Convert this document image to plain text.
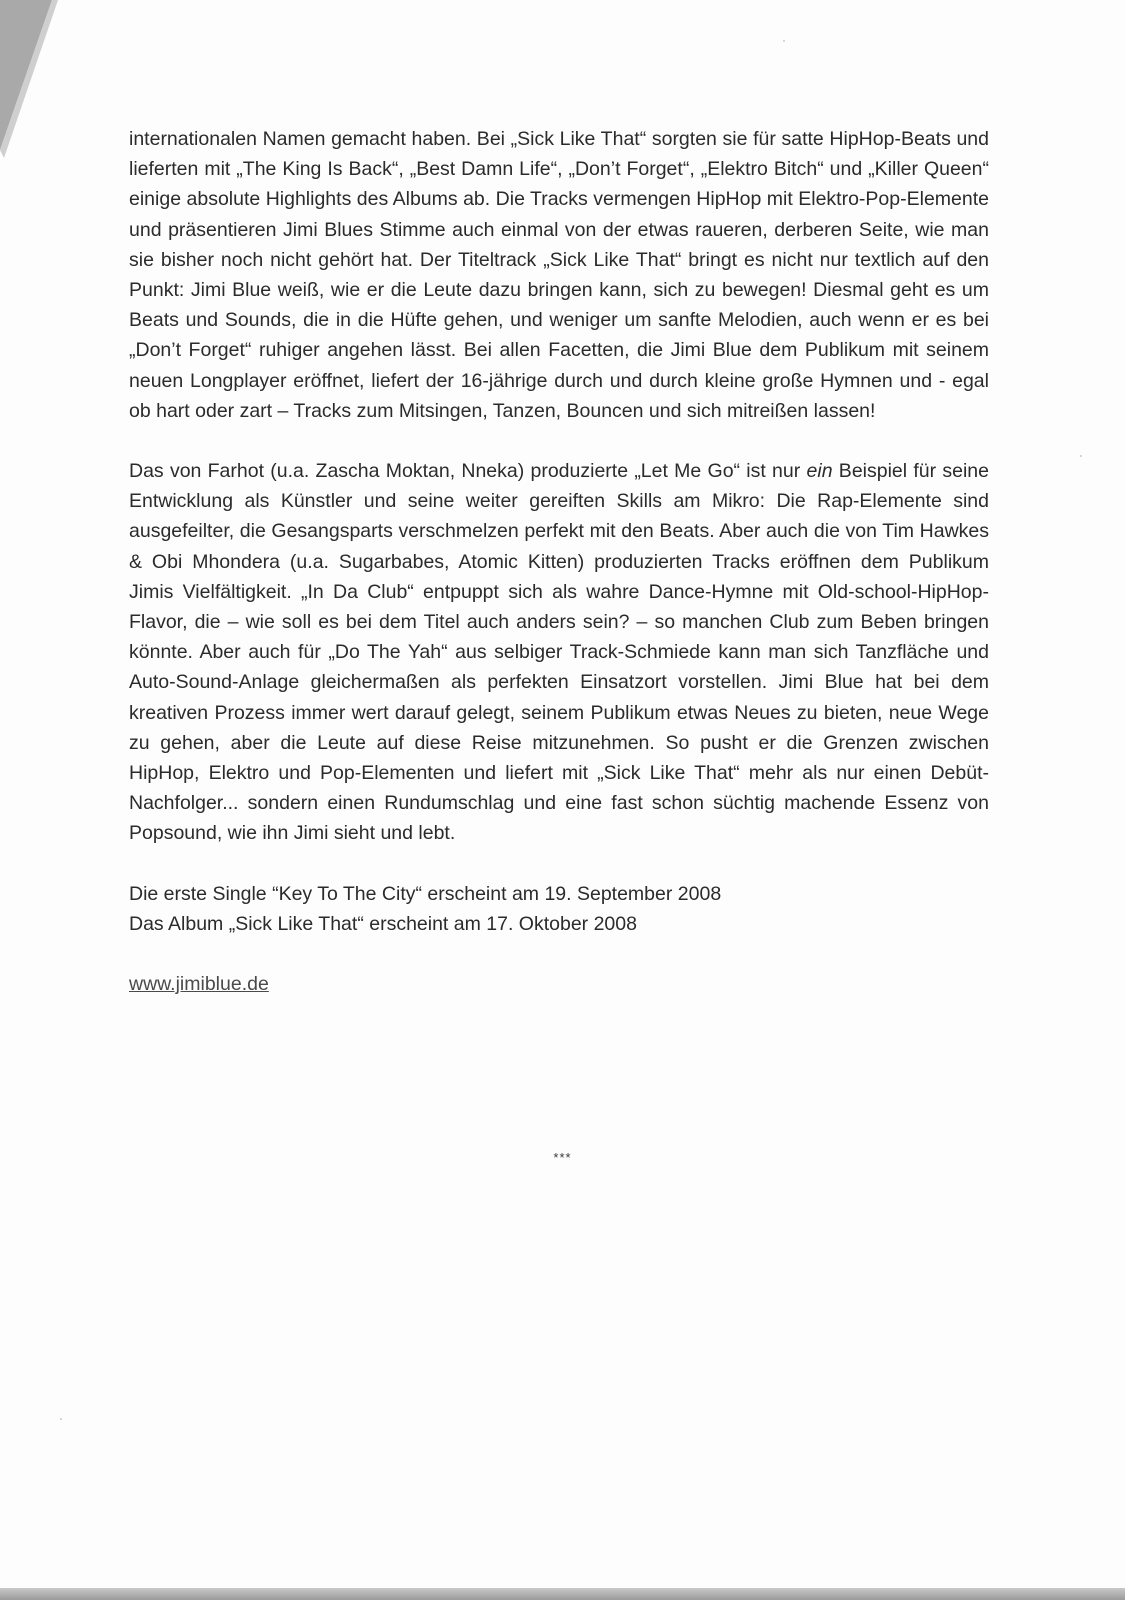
internationalen Namen gemacht haben. Bei „Sick Like That“ sorgten sie für satte HipHop-Beats und lieferten mit „The King Is Back“, „Best Damn Life“, „Don’t Forget“, „Elektro Bitch“ und „Killer Queen“ einige absolute Highlights des Albums ab. Die Tracks vermengen HipHop mit Elektro-Pop-Elemente und präsentieren Jimi Blues Stimme auch einmal von der etwas raueren, derberen Seite, wie man sie bisher noch nicht gehört hat. Der Titeltrack „Sick Like That“ bringt es nicht nur textlich auf den Punkt: Jimi Blue weiß, wie er die Leute dazu bringen kann, sich zu bewegen! Diesmal geht es um Beats und Sounds, die in die Hüfte gehen, und weniger um sanfte Melodien, auch wenn er es bei „Don’t Forget“ ruhiger angehen lässt. Bei allen Facetten, die Jimi Blue dem Publikum mit seinem neuen Longplayer eröffnet, liefert der 16-jährige durch und durch kleine große Hymnen und - egal ob hart oder zart – Tracks zum Mitsingen, Tanzen, Bouncen und sich mitreißen lassen!

Das von Farhot (u.a. Zascha Moktan, Nneka) produzierte „Let Me Go“ ist nur ein Beispiel für seine Entwicklung als Künstler und seine weiter gereiften Skills am Mikro: Die Rap-Elemente sind ausgefeilter, die Gesangsparts verschmelzen perfekt mit den Beats. Aber auch die von Tim Hawkes & Obi Mhondera (u.a. Sugarbabes, Atomic Kitten) produzierten Tracks eröffnen dem Publikum Jimis Vielfältigkeit. „In Da Club“ entpuppt sich als wahre Dance-Hymne mit Old-school-HipHop-Flavor, die – wie soll es bei dem Titel auch anders sein? – so manchen Club zum Beben bringen könnte. Aber auch für „Do The Yah“ aus selbiger Track-Schmiede kann man sich Tanzfläche und Auto-Sound-Anlage gleichermaßen als perfekten Einsatzort vorstellen. Jimi Blue hat bei dem kreativen Prozess immer wert darauf gelegt, seinem Publikum etwas Neues zu bieten, neue Wege zu gehen, aber die Leute auf diese Reise mitzunehmen. So pusht er die Grenzen zwischen HipHop, Elektro und Pop-Elementen und liefert mit „Sick Like That“ mehr als nur einen Debüt-Nachfolger... sondern einen Rundumschlag und eine fast schon süchtig machende Essenz von Popsound, wie ihn Jimi sieht und lebt.

Die erste Single “Key To The City“ erscheint am 19. September 2008
Das Album „Sick Like That“ erscheint am 17. Oktober 2008
www.jimiblue.de
***
